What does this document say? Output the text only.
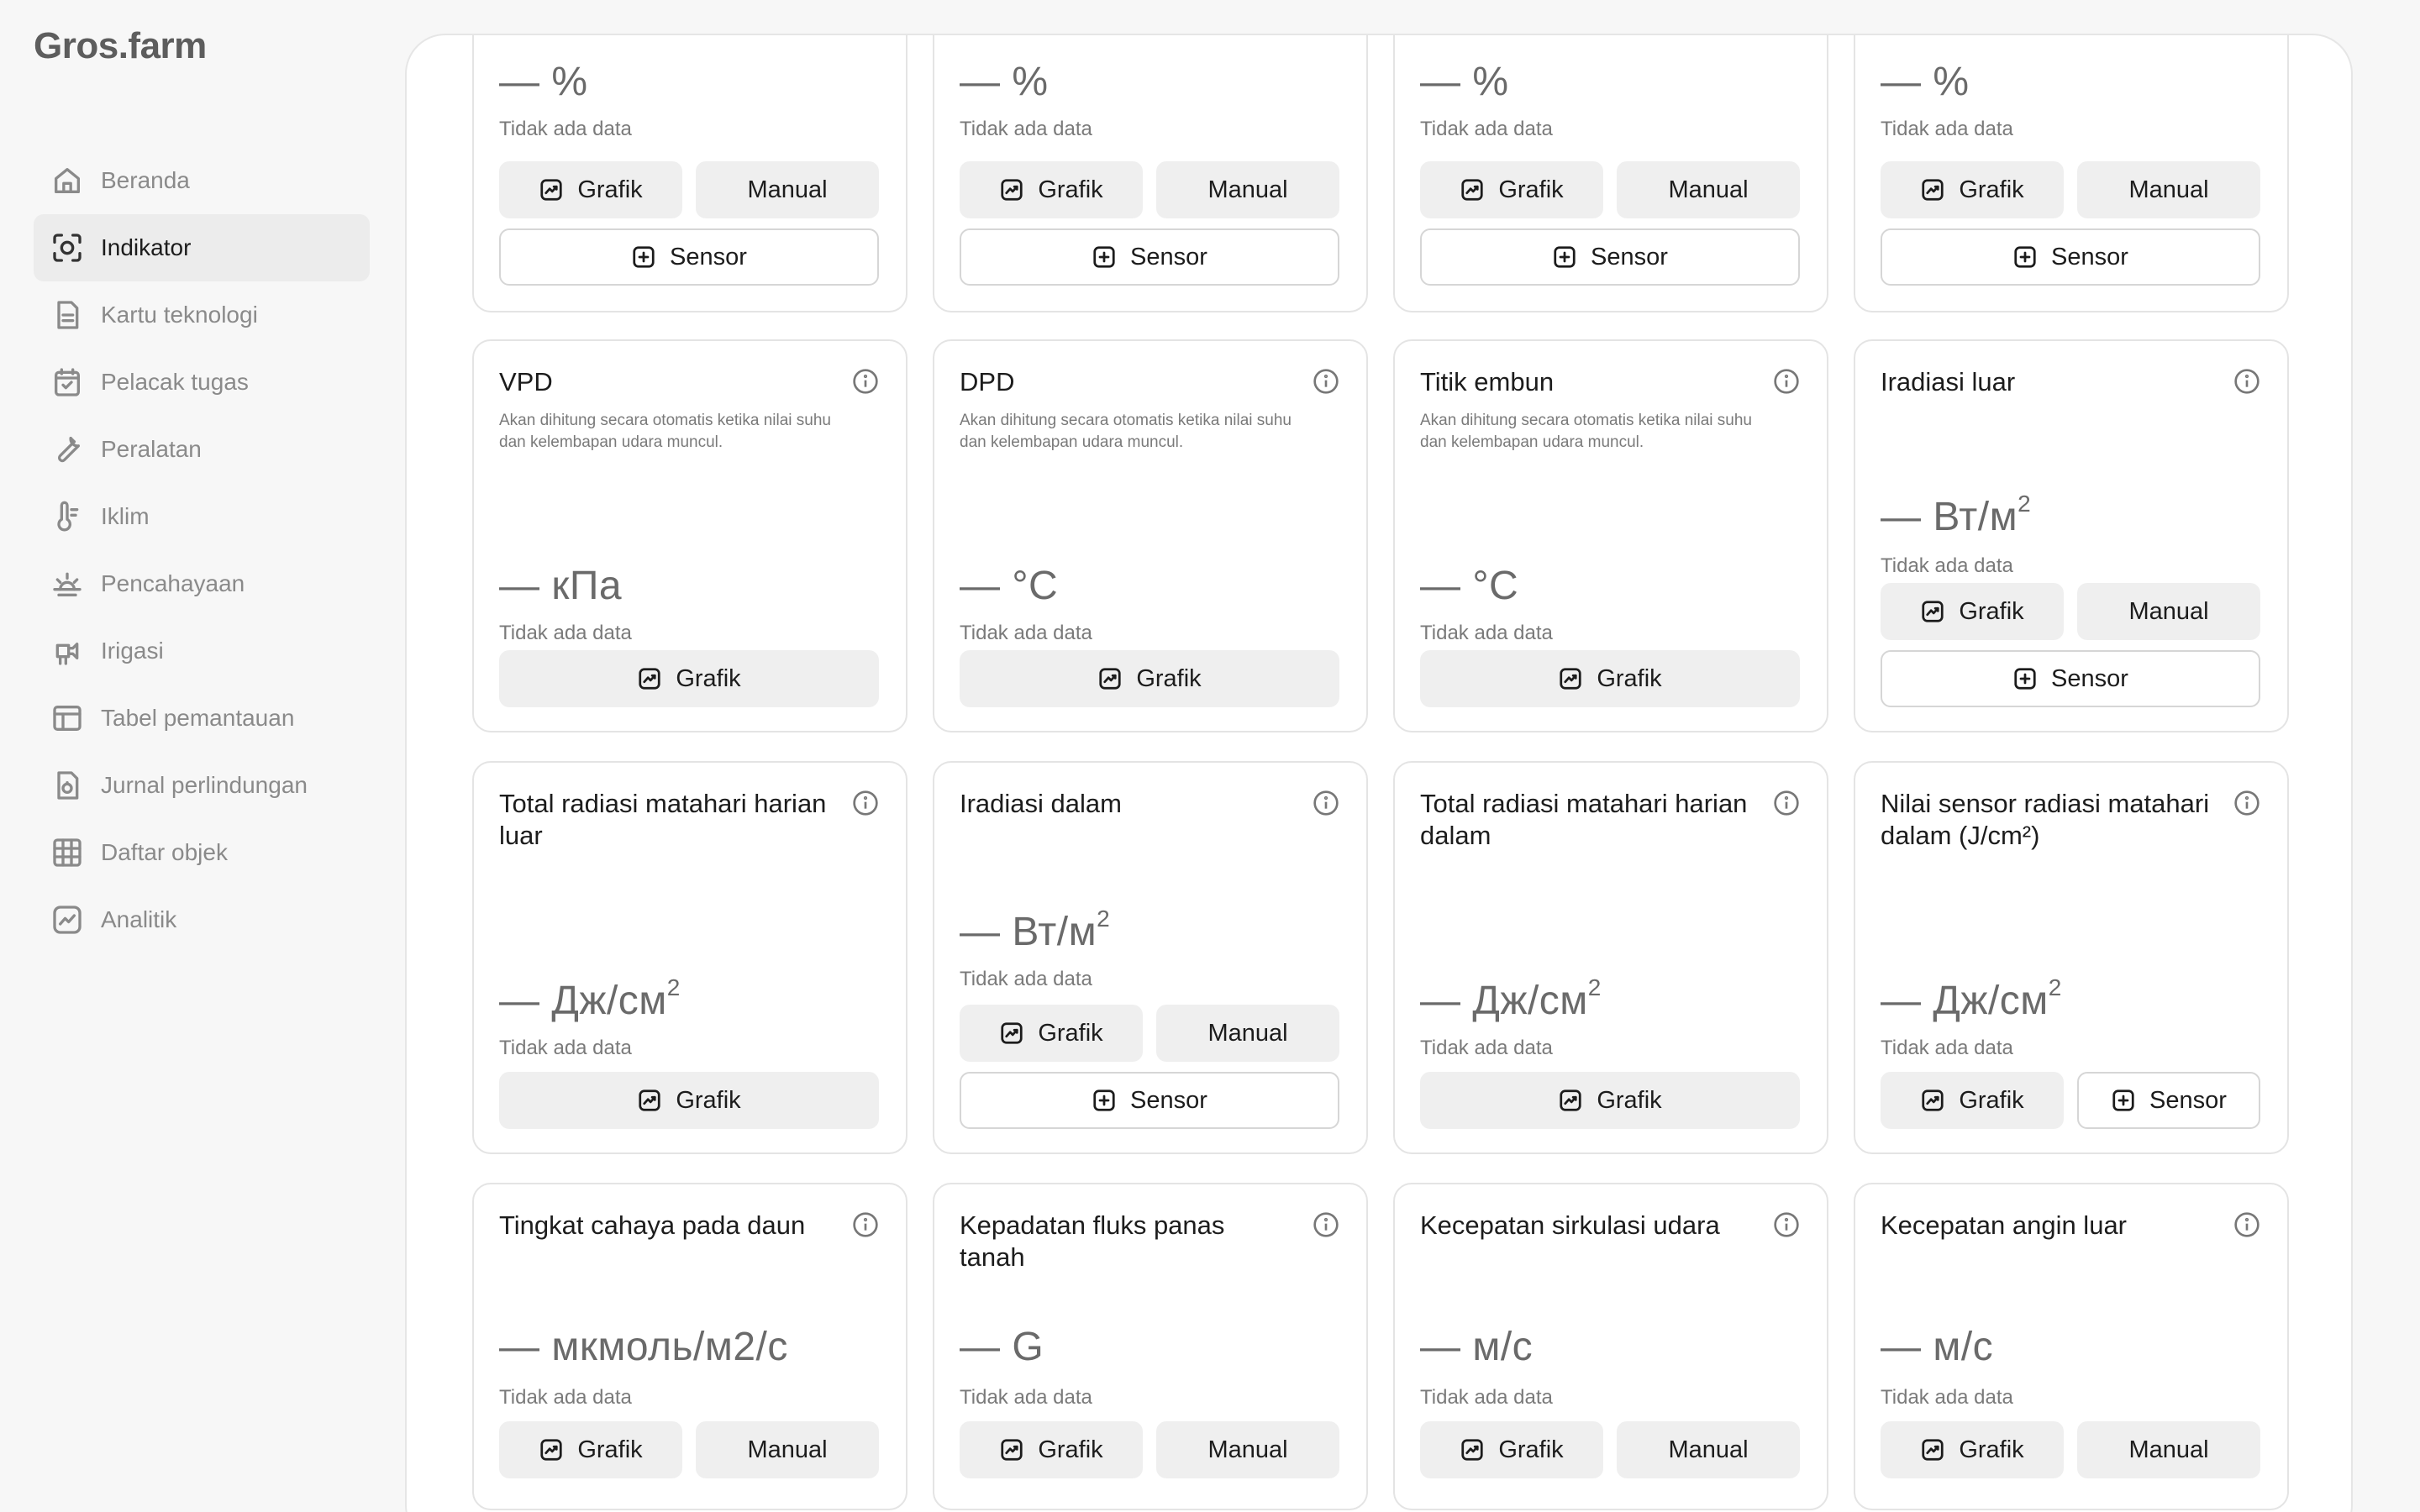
Gros.farm
Beranda
Indikator
Kartu teknologi
Pelacak tugas
Peralatan
Iklim
Pencahayaan
Irigasi
Tabel pemantauan
Jurnal perlindungan
Daftar objek
Analitik
— %
Tidak ada data
Grafik	Manual
Sensor
— %
Tidak ada data
Grafik	Manual
Sensor
— %
Tidak ada data
Grafik	Manual
Sensor
— %
Tidak ada data
Grafik	Manual
Sensor
VPD
Akan dihitung secara otomatis ketika nilai suhu dan kelembapan udara muncul.
— кПа
Tidak ada data
Grafik
DPD
Akan dihitung secara otomatis ketika nilai suhu dan kelembapan udara muncul.
— °C
Tidak ada data
Grafik
Titik embun
Akan dihitung secara otomatis ketika nilai suhu dan kelembapan udara muncul.
— °C
Tidak ada data
Grafik
Iradiasi luar
— $Вт/м^2$
Tidak ada data
Grafik	Manual
Sensor
Total radiasi matahari harian luar
— $Дж/см^2$
Tidak ada data
Grafik
Iradiasi dalam
— $Вт/м^2$
Tidak ada data
Grafik	Manual
Sensor
Total radiasi matahari harian dalam
— $Дж/см^2$
Tidak ada data
Grafik
Nilai sensor radiasi matahari dalam (J/cm²)
— $Дж/см^2$
Tidak ada data
Grafik	Sensor
Tingkat cahaya pada daun
— мкмоль/м2/с
Tidak ada data
Grafik	Manual
Kepadatan fluks panas tanah
— G
Tidak ada data
Grafik	Manual
Kecepatan sirkulasi udara
— м/с
Tidak ada data
Grafik	Manual
Kecepatan angin luar
— м/с
Tidak ada data
Grafik	Manual
